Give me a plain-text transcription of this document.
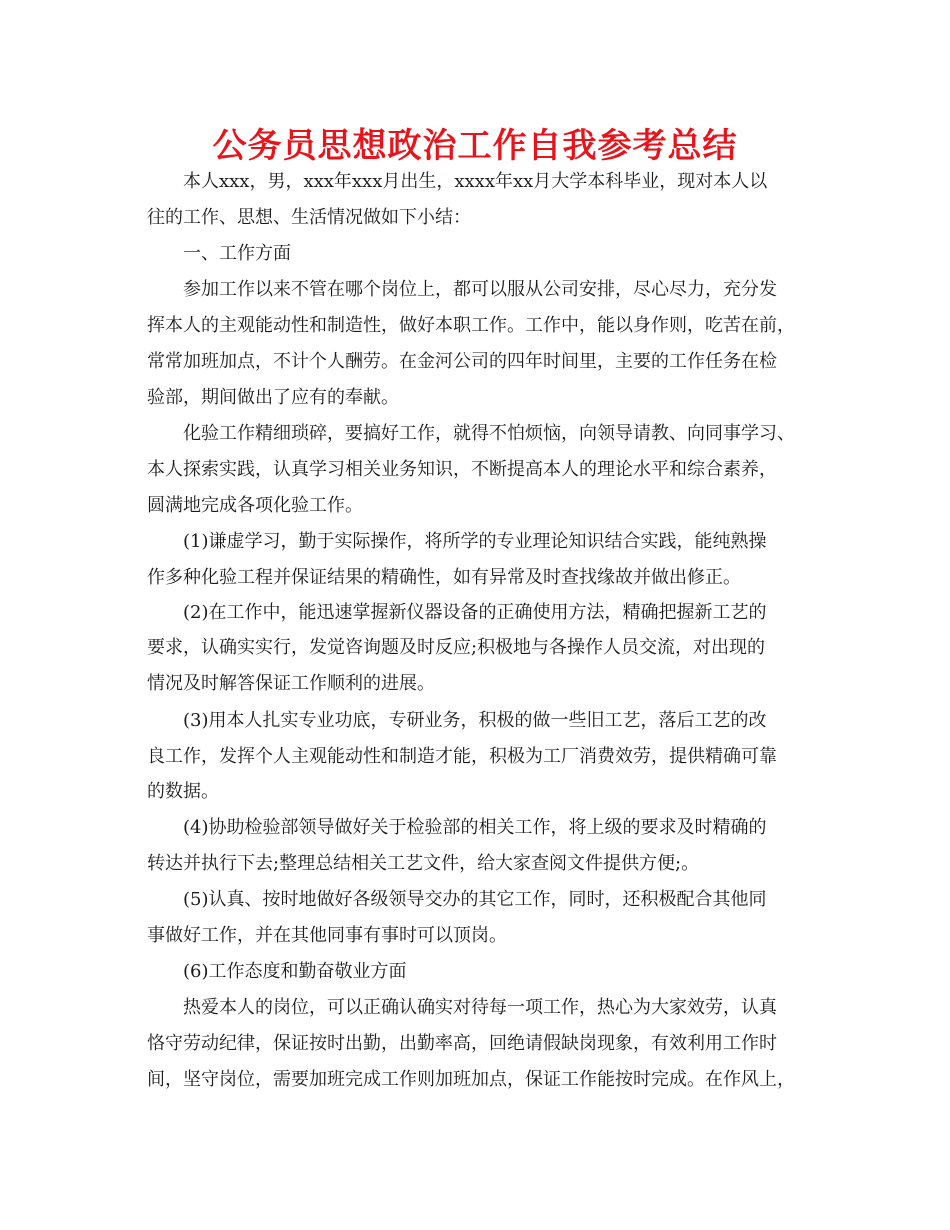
公务员思想政治工作自我参考总结

本人xxx，男，xxx年xxx月出生，xxxx年xx月大学本科毕业，现对本人以

往的工作、思想、生活情况做如下小结：

一、工作方面

参加工作以来不管在哪个岗位上，都可以服从公司安排，尽心尽力，充分发

挥本人的主观能动性和制造性，做好本职工作。工作中，能以身作则，吃苦在前，

常常加班加点，不计个人酬劳。在金河公司的四年时间里，主要的工作任务在检

验部，期间做出了应有的奉献。

化验工作精细琐碎，要搞好工作，就得不怕烦恼，向领导请教、向同事学习、

本人探索实践，认真学习相关业务知识，不断提高本人的理论水平和综合素养，

圆满地完成各项化验工作。

(1)谦虚学习，勤于实际操作，将所学的专业理论知识结合实践，能纯熟操

作多种化验工程并保证结果的精确性，如有异常及时查找缘故并做出修正。

(2)在工作中，能迅速掌握新仪器设备的正确使用方法，精确把握新工艺的

要求，认确实实行，发觉咨询题及时反应;积极地与各操作人员交流，对出现的

情况及时解答保证工作顺利的进展。

(3)用本人扎实专业功底，专研业务，积极的做一些旧工艺，落后工艺的改

良工作，发挥个人主观能动性和制造才能，积极为工厂消费效劳，提供精确可靠

的数据。

(4)协助检验部领导做好关于检验部的相关工作，将上级的要求及时精确的

转达并执行下去;整理总结相关工艺文件，给大家查阅文件提供方便;。

(5)认真、按时地做好各级领导交办的其它工作，同时，还积极配合其他同

事做好工作，并在其他同事有事时可以顶岗。

(6)工作态度和勤奋敬业方面

热爱本人的岗位，可以正确认确实对待每一项工作，热心为大家效劳，认真

恪守劳动纪律，保证按时出勤，出勤率高，回绝请假缺岗现象，有效利用工作时

间，坚守岗位，需要加班完成工作则加班加点，保证工作能按时完成。在作风上，
